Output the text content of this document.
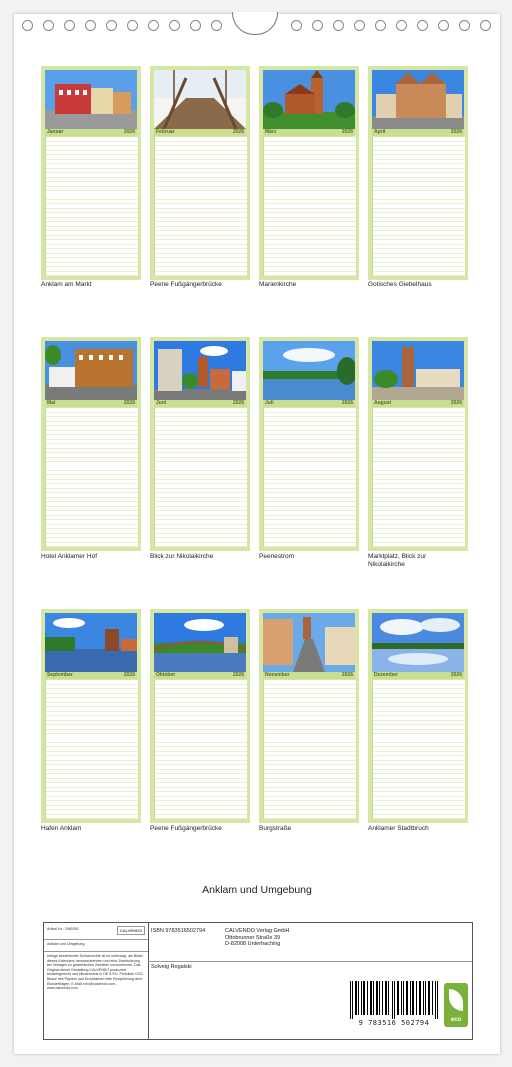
Januar	2026	Februar	2026	März	2026	April	2026
Anklam am Markt	Peene Fußgängerbrücke	Marienkirche	Gotisches Giebelhaus
Mai	2026	Juni	2026	Juli	2026	August	2026
Hotel Anklamer Hof	Blick zur Nikolaikirche	Peenestrom	Marktplatz, Blick zur Nikolaikirche
September	2026	Oktober	2026	November	2026	Dezember	2026
Hafen Anklam	Peene Fußgängerbrücke	Burgstraße	Anklamer Stadtbruch
Anklam und Umgebung
Artikel-Nr.: 2980392	CALVENDO
Anklam und Umgebung
Infolge bestehender Schutzrechte ist es untersagt, die Bilder dieses Kalenders herauszutrennen und eine Zweitnutzung bei Verlagen zu gewerblichen Zwecken vorzunehmen. Das Original dieser Gestaltung CALVENDO produziert bedarfsgerecht und klimaneutral in DE & EU. Preisliste CO2-Bilanz des Papiers und Druckfarben bitte Rezyklierung dem Etuisleitfolgen. E-Mail: info@calvendo.com - www.calvendo.com
ISBN 9783516502794	CALVENDO Verlag GmbH
Ottobrunner Straße 39
D-82008 Unterhaching
Solveig Rogalski
9 783516 502794	eco
